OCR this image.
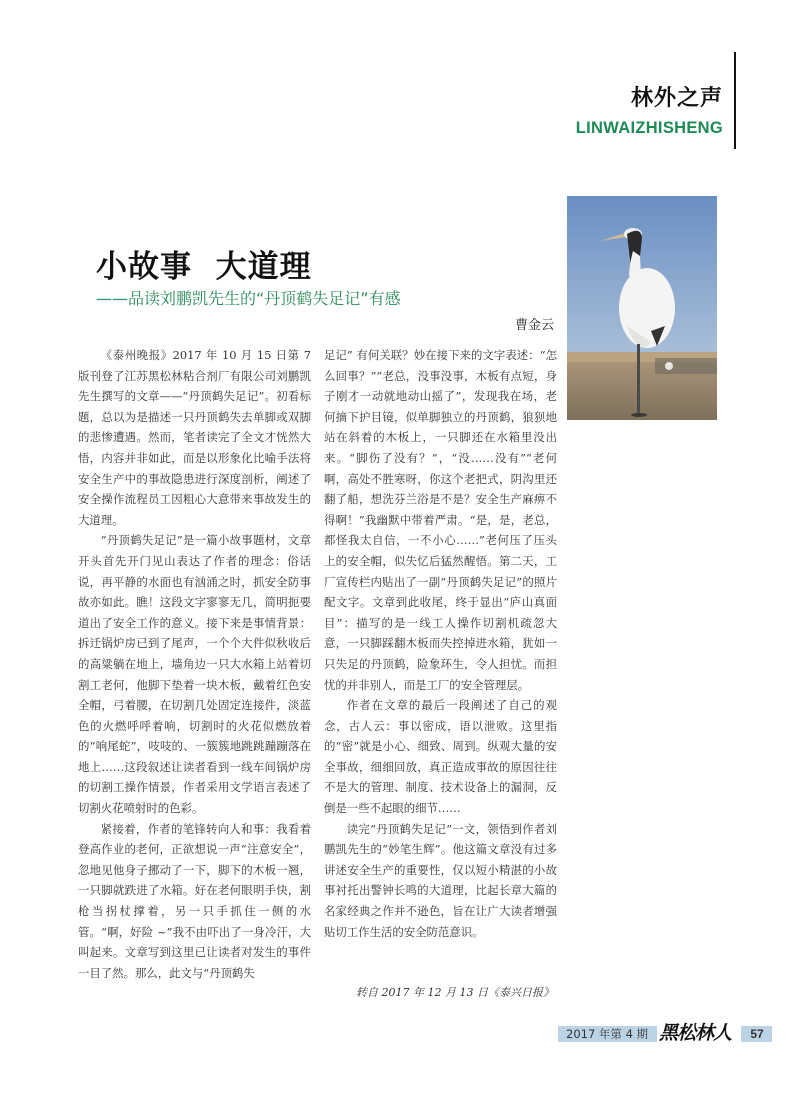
林外之声
LINWAIZHISHENG
小故事  大道理
——品读刘鹏凯先生的“丹顶鹤失足记”有感
曹金云

《泰州晚报》2017 年 10 月 15 日第 7 版刊登了江苏黑松林粘合剂厂有限公司刘鹏凯先生撰写的文章——“丹顶鹤失足记”。初看标题，总以为是描述一只丹顶鹤失去单脚或双脚的悲惨遭遇。然而，笔者读完了全文才恍然大悟，内容并非如此，而是以形象化比喻手法将安全生产中的事故隐患进行深度剖析，阐述了安全操作流程员工因粗心大意带来事故发生的大道理。

“丹顶鹤失足记”是一篇小故事题材，文章开头首先开门见山表达了作者的理念：俗话说，再平静的水面也有汹涌之时，抓安全防事故亦如此。瞧！这段文字寥寥无几，简明扼要道出了安全工作的意义。接下来是事情背景：拆迁锅炉房已到了尾声，一个个大件似秋收后的高粱躺在地上，墙角边一只大水箱上站着切割工老何，他脚下垫着一块木板，戴着红色安全帽，弓着腰，在切割几处固定连接件，淡蓝色的火燃呼呼着响，切割时的火花似燃放着的“响尾蛇”，吱吱的、一簇簇地跳跳蹦蹦落在地上……这段叙述让读者看到一线车间锅炉房的切割工操作情景，作者采用文学语言表述了切割火花喷射时的色彩。

紧接着，作者的笔锋转向人和事：我看着登高作业的老何，正欲想说一声“注意安全”，忽地见他身子挪动了一下，脚下的木板一翘，一只脚就跌进了水箱。好在老何眼明手快，割枪当拐杖撑着，另一只手抓住一侧的水管。“啊，好险 ~”我不由吓出了一身冷汗，大叫起来。文章写到这里已让读者对发生的事件一目了然。那么，此文与“丹顶鹤失

足记” 有何关联？妙在接下来的文字表述：“怎么回事？”“老总，没事没事，木板有点短，身子刚才一动就地动山摇了”，发现我在场，老何摘下护目镜，似单脚独立的丹顶鹤，狼狈地站在斜着的木板上，一只脚还在水箱里没出来。“脚伤了没有？”，“没……没有”“老何啊，高处不胜寒呀，你这个老把式，阴沟里还翻了船，想洗芬兰浴是不是？安全生产麻痹不得啊！”我幽默中带着严肃。“是，是，老总，都怪我太自信，一不小心……”老何压了压头上的安全帽，似失忆后猛然醒悟。第二天，工厂宣传栏内贴出了一副“丹顶鹤失足记”的照片配文字。文章到此收尾，终于显出“庐山真面目”：描写的是一线工人操作切割机疏忽大意，一只脚踩翻木板而失控掉进水箱，犹如一只失足的丹顶鹤，险象环生，令人担忧。而担忧的并非别人，而是工厂的安全管理层。

作者在文章的最后一段阐述了自己的观念，古人云：事以密成，语以泄败。这里指的“密”就是小心、细致、周到。纵观大量的安全事故，细细回放，真正造成事故的原因往往不是大的管理、制度、技术设备上的漏洞，反倒是一些不起眼的细节……

读完“丹顶鹤失足记”一文，领悟到作者刘鹏凯先生的“妙笔生辉”。他这篇文章没有过多讲述安全生产的重要性，仅以短小精湛的小故事衬托出警钟长鸣的大道理，比起长章大篇的名家经典之作并不逊色，旨在让广大读者增强贴切工作生活的安全防范意识。

转自 2017 年 12 月 13 日《泰兴日报》
2017 年第 4 期 黑松林人	57
